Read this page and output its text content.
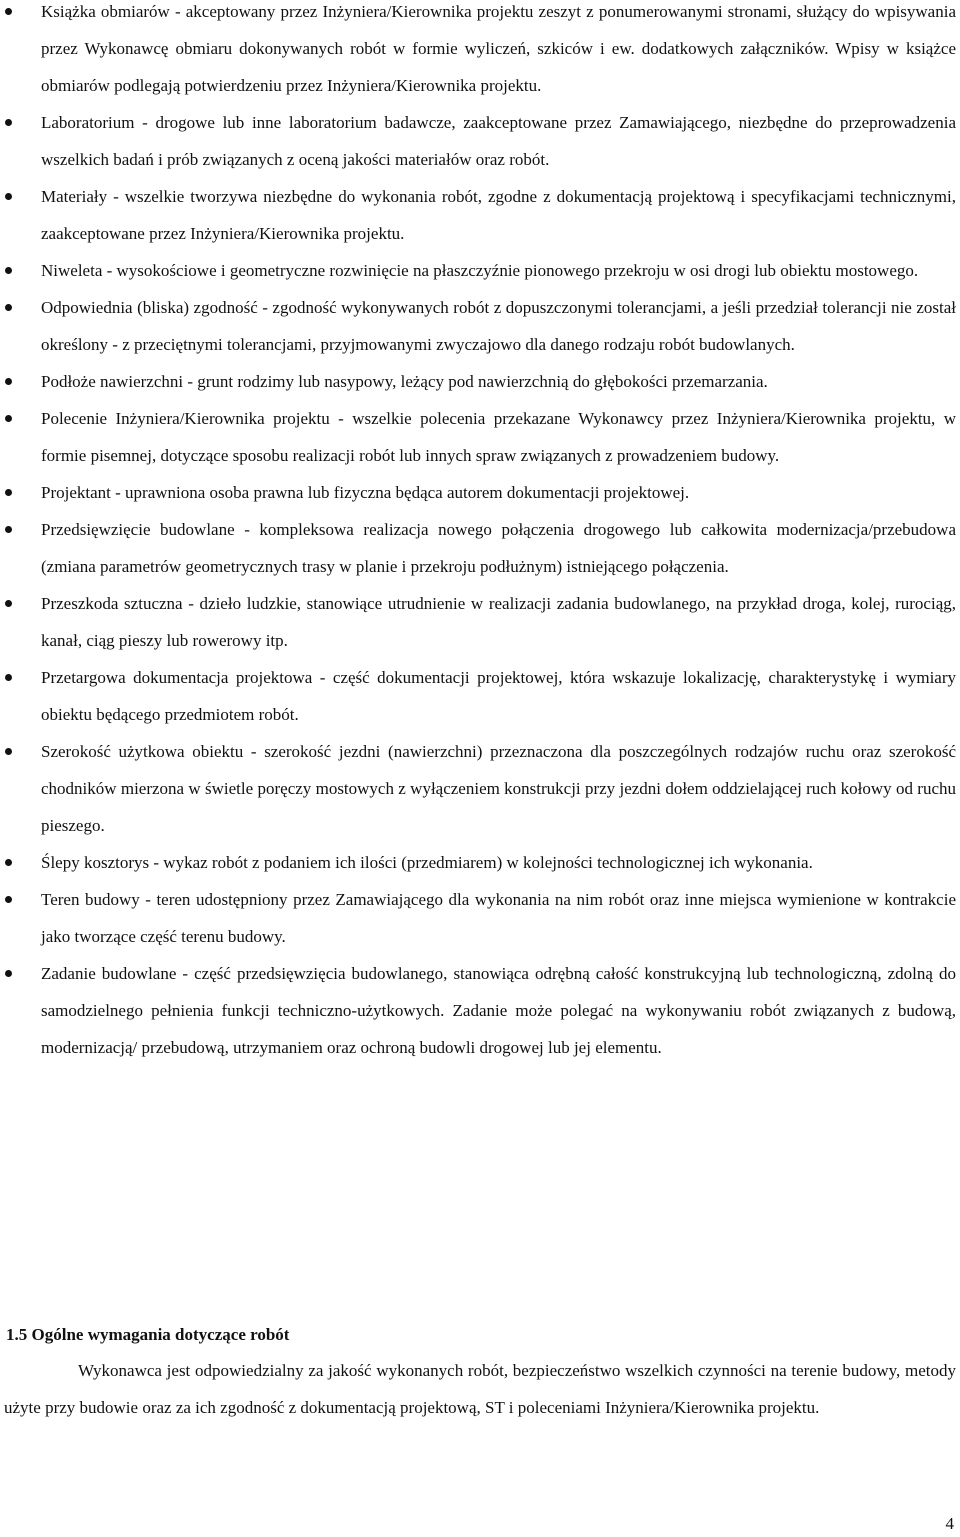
Książka obmiarów - akceptowany przez Inżyniera/Kierownika projektu zeszyt z ponumerowanymi stronami, służący do wpisywania przez Wykonawcę obmiaru dokonywanych robót w formie wyliczeń, szkiców i ew. dodatkowych załączników. Wpisy w książce obmiarów podlegają potwierdzeniu przez Inżyniera/Kierownika projektu.
Laboratorium - drogowe lub inne laboratorium badawcze, zaakceptowane przez Zamawiającego, niezbędne do przeprowadzenia wszelkich badań i prób związanych z oceną jakości materiałów oraz robót.
Materiały - wszelkie tworzywa niezbędne do wykonania robót, zgodne z dokumentacją projektową i specyfikacjami technicznymi, zaakceptowane przez Inżyniera/Kierownika projektu.
Niweleta - wysokościowe i geometryczne rozwinięcie na płaszczyźnie pionowego przekroju w osi drogi lub obiektu mostowego.
Odpowiednia (bliska) zgodność - zgodność wykonywanych robót z dopuszczonymi tolerancjami, a jeśli przedział tolerancji nie został określony - z przeciętnymi tolerancjami, przyjmowanymi zwyczajowo dla danego rodzaju robót budowlanych.
Podłoże nawierzchni - grunt rodzimy lub nasypowy, leżący pod nawierzchnią do głębokości przemarzania.
Polecenie Inżyniera/Kierownika projektu - wszelkie polecenia przekazane Wykonawcy przez Inżyniera/Kierownika projektu, w formie pisemnej, dotyczące sposobu realizacji robót lub innych spraw związanych z prowadzeniem budowy.
Projektant - uprawniona osoba prawna lub fizyczna będąca autorem dokumentacji projektowej.
Przedsięwzięcie budowlane - kompleksowa realizacja nowego połączenia drogowego lub całkowita modernizacja/przebudowa (zmiana parametrów geometrycznych trasy w planie i przekroju podłużnym) istniejącego połączenia.
Przeszkoda sztuczna - dzieło ludzkie, stanowiące utrudnienie w realizacji zadania budowlanego, na przykład droga, kolej, rurociąg, kanał, ciąg pieszy lub rowerowy itp.
Przetargowa dokumentacja projektowa - część dokumentacji projektowej, która wskazuje lokalizację, charakterystykę i wymiary obiektu będącego przedmiotem robót.
Szerokość użytkowa obiektu - szerokość jezdni (nawierzchni) przeznaczona dla poszczególnych rodzajów ruchu oraz szerokość chodników mierzona w świetle poręczy mostowych z wyłączeniem konstrukcji przy jezdni dołem oddzielającej ruch kołowy od ruchu pieszego.
Ślepy kosztorys - wykaz robót z podaniem ich ilości (przedmiarem) w kolejności technologicznej ich wykonania.
Teren budowy - teren udostępniony przez Zamawiającego dla wykonania na nim robót oraz inne miejsca wymienione w kontrakcie jako tworzące część terenu budowy.
Zadanie budowlane - część przedsięwzięcia budowlanego, stanowiąca odrębną całość konstrukcyjną lub technologiczną, zdolną do samodzielnego pełnienia funkcji techniczno-użytkowych. Zadanie może polegać na wykonywaniu robót związanych z budową, modernizacją/ przebudową, utrzymaniem oraz ochroną budowli drogowej lub jej elementu.
1.5 Ogólne wymagania dotyczące robót
Wykonawca jest odpowiedzialny za jakość wykonanych robót, bezpieczeństwo wszelkich czynności na terenie budowy, metody użyte przy budowie oraz za ich zgodność z dokumentacją projektową, ST i poleceniami Inżyniera/Kierownika projektu.
4
